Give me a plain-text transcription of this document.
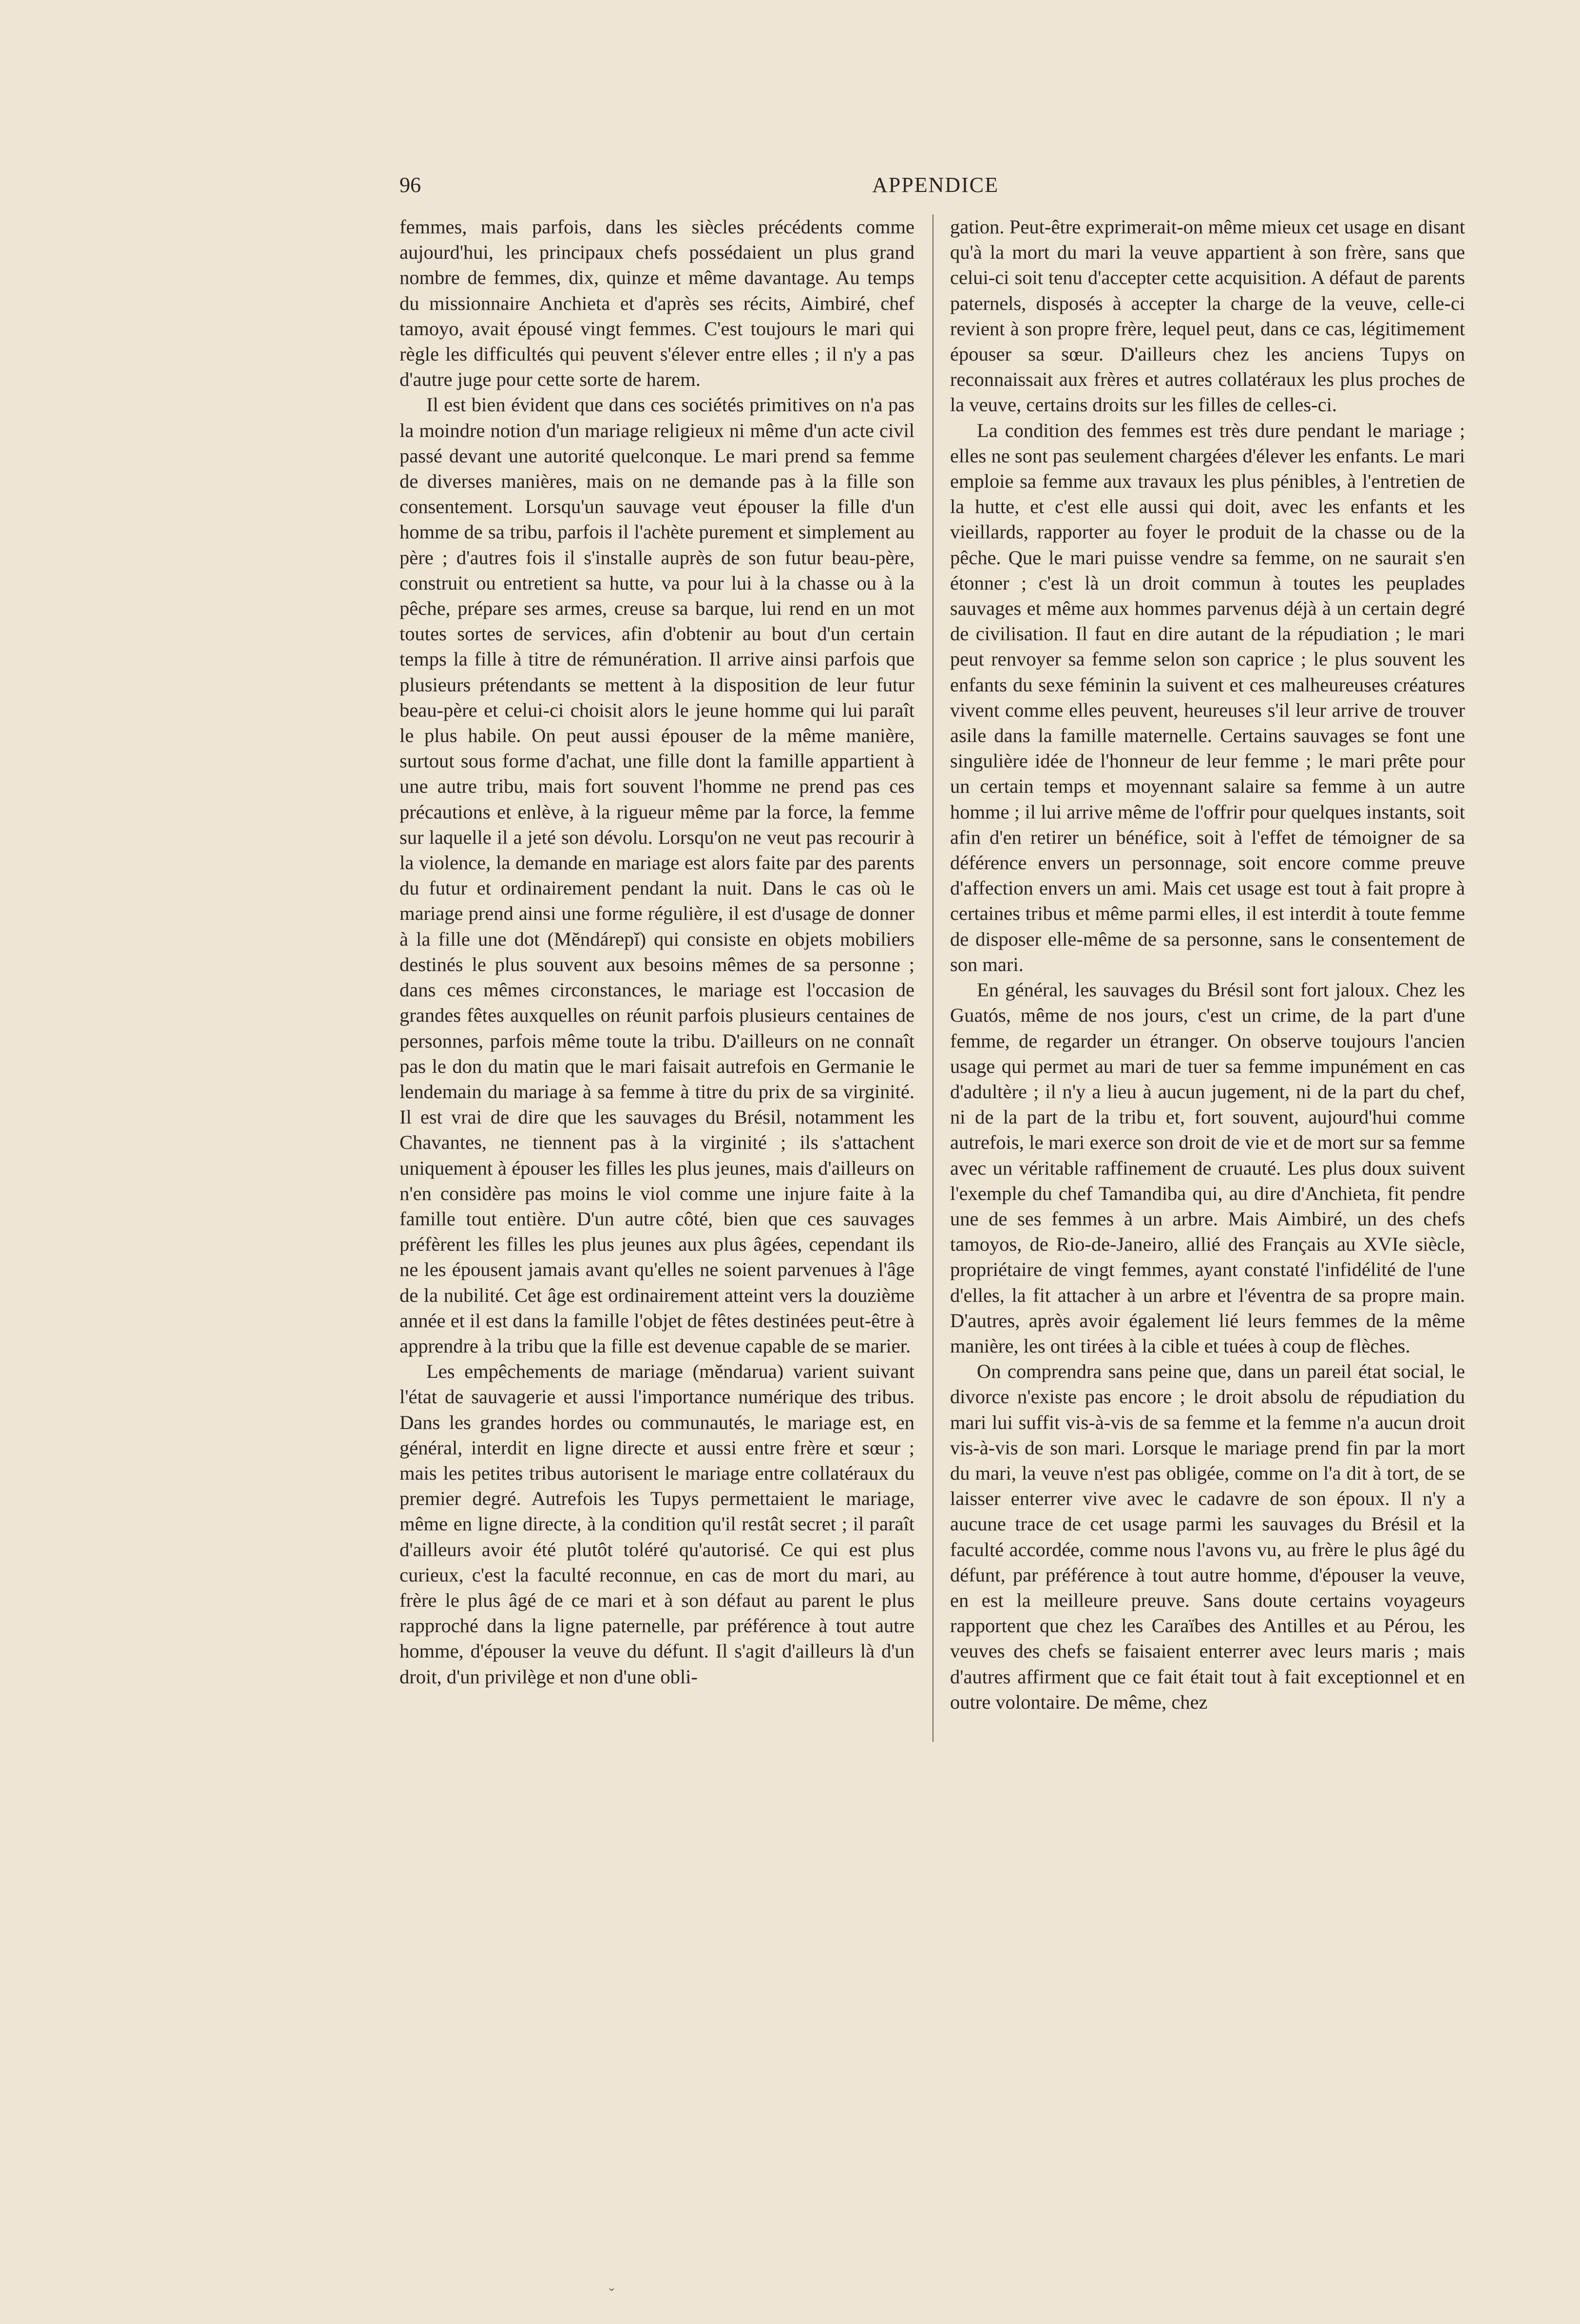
96	APPENDICE

femmes, mais parfois, dans les siècles précédents comme aujourd'hui, les principaux chefs possédaient un plus grand nombre de femmes, dix, quinze et même davantage. Au temps du missionnaire Anchieta et d'après ses récits, Aimbiré, chef tamoyo, avait épousé vingt femmes. C'est toujours le mari qui règle les difficultés qui peuvent s'élever entre elles ; il n'y a pas d'autre juge pour cette sorte de harem.

Il est bien évident que dans ces sociétés primitives on n'a pas la moindre notion d'un mariage religieux ni même d'un acte civil passé devant une autorité quelconque. Le mari prend sa femme de diverses manières, mais on ne demande pas à la fille son consentement. Lorsqu'un sauvage veut épouser la fille d'un homme de sa tribu, parfois il l'achète purement et simplement au père ; d'autres fois il s'installe auprès de son futur beau-père, construit ou entretient sa hutte, va pour lui à la chasse ou à la pêche, prépare ses armes, creuse sa barque, lui rend en un mot toutes sortes de services, afin d'obtenir au bout d'un certain temps la fille à titre de rémunération. Il arrive ainsi parfois que plusieurs prétendants se mettent à la disposition de leur futur beau-père et celui-ci choisit alors le jeune homme qui lui paraît le plus habile. On peut aussi épouser de la même manière, surtout sous forme d'achat, une fille dont la famille appartient à une autre tribu, mais fort souvent l'homme ne prend pas ces précautions et enlève, à la rigueur même par la force, la femme sur laquelle il a jeté son dévolu. Lorsqu'on ne veut pas recourir à la violence, la demande en mariage est alors faite par des parents du futur et ordinairement pendant la nuit. Dans le cas où le mariage prend ainsi une forme régulière, il est d'usage de donner à la fille une dot (Mĕndárepĭ) qui consiste en objets mobiliers destinés le plus souvent aux besoins mêmes de sa personne ; dans ces mêmes circonstances, le mariage est l'occasion de grandes fêtes auxquelles on réunit parfois plusieurs centaines de personnes, parfois même toute la tribu. D'ailleurs on ne connaît pas le don du matin que le mari faisait autrefois en Germanie le lendemain du mariage à sa femme à titre du prix de sa virginité. Il est vrai de dire que les sauvages du Brésil, notamment les Chavantes, ne tiennent pas à la virginité ; ils s'attachent uniquement à épouser les filles les plus jeunes, mais d'ailleurs on n'en considère pas moins le viol comme une injure faite à la famille tout entière. D'un autre côté, bien que ces sauvages préfèrent les filles les plus jeunes aux plus âgées, cependant ils ne les épousent jamais avant qu'elles ne soient parvenues à l'âge de la nubilité. Cet âge est ordinairement atteint vers la douzième année et il est dans la famille l'objet de fêtes destinées peut-être à apprendre à la tribu que la fille est devenue capable de se marier.

Les empêchements de mariage (mĕndarua) varient suivant l'état de sauvagerie et aussi l'importance numérique des tribus. Dans les grandes hordes ou communautés, le mariage est, en général, interdit en ligne directe et aussi entre frère et sœur ; mais les petites tribus autorisent le mariage entre collatéraux du premier degré. Autrefois les Tupys permettaient le mariage, même en ligne directe, à la condition qu'il restât secret ; il paraît d'ailleurs avoir été plutôt toléré qu'autorisé. Ce qui est plus curieux, c'est la faculté reconnue, en cas de mort du mari, au frère le plus âgé de ce mari et à son défaut au parent le plus rapproché dans la ligne paternelle, par préférence à tout autre homme, d'épouser la veuve du défunt. Il s'agit d'ailleurs là d'un droit, d'un privilège et non d'une obli-

gation. Peut-être exprimerait-on même mieux cet usage en disant qu'à la mort du mari la veuve appartient à son frère, sans que celui-ci soit tenu d'accepter cette acquisition. A défaut de parents paternels, disposés à accepter la charge de la veuve, celle-ci revient à son propre frère, lequel peut, dans ce cas, légitimement épouser sa sœur. D'ailleurs chez les anciens Tupys on reconnaissait aux frères et autres collatéraux les plus proches de la veuve, certains droits sur les filles de celles-ci.

La condition des femmes est très dure pendant le mariage ; elles ne sont pas seulement chargées d'élever les enfants. Le mari emploie sa femme aux travaux les plus pénibles, à l'entretien de la hutte, et c'est elle aussi qui doit, avec les enfants et les vieillards, rapporter au foyer le produit de la chasse ou de la pêche. Que le mari puisse vendre sa femme, on ne saurait s'en étonner ; c'est là un droit commun à toutes les peuplades sauvages et même aux hommes parvenus déjà à un certain degré de civilisation. Il faut en dire autant de la répudiation ; le mari peut renvoyer sa femme selon son caprice ; le plus souvent les enfants du sexe féminin la suivent et ces malheureuses créatures vivent comme elles peuvent, heureuses s'il leur arrive de trouver asile dans la famille maternelle. Certains sauvages se font une singulière idée de l'honneur de leur femme ; le mari prête pour un certain temps et moyennant salaire sa femme à un autre homme ; il lui arrive même de l'offrir pour quelques instants, soit afin d'en retirer un bénéfice, soit à l'effet de témoigner de sa déférence envers un personnage, soit encore comme preuve d'affection envers un ami. Mais cet usage est tout à fait propre à certaines tribus et même parmi elles, il est interdit à toute femme de disposer elle-même de sa personne, sans le consentement de son mari.

En général, les sauvages du Brésil sont fort jaloux. Chez les Guatós, même de nos jours, c'est un crime, de la part d'une femme, de regarder un étranger. On observe toujours l'ancien usage qui permet au mari de tuer sa femme impunément en cas d'adultère ; il n'y a lieu à aucun jugement, ni de la part du chef, ni de la part de la tribu et, fort souvent, aujourd'hui comme autrefois, le mari exerce son droit de vie et de mort sur sa femme avec un véritable raffinement de cruauté. Les plus doux suivent l'exemple du chef Tamandiba qui, au dire d'Anchieta, fit pendre une de ses femmes à un arbre. Mais Aimbiré, un des chefs tamoyos, de Rio-de-Janeiro, allié des Français au XVIe siècle, propriétaire de vingt femmes, ayant constaté l'infidélité de l'une d'elles, la fit attacher à un arbre et l'éventra de sa propre main. D'autres, après avoir également lié leurs femmes de la même manière, les ont tirées à la cible et tuées à coup de flèches.

On comprendra sans peine que, dans un pareil état social, le divorce n'existe pas encore ; le droit absolu de répudiation du mari lui suffit vis-à-vis de sa femme et la femme n'a aucun droit vis-à-vis de son mari. Lorsque le mariage prend fin par la mort du mari, la veuve n'est pas obligée, comme on l'a dit à tort, de se laisser enterrer vive avec le cadavre de son époux. Il n'y a aucune trace de cet usage parmi les sauvages du Brésil et la faculté accordée, comme nous l'avons vu, au frère le plus âgé du défunt, par préférence à tout autre homme, d'épouser la veuve, en est la meilleure preuve. Sans doute certains voyageurs rapportent que chez les Caraïbes des Antilles et au Pérou, les veuves des chefs se faisaient enterrer avec leurs maris ; mais d'autres affirment que ce fait était tout à fait exceptionnel et en outre volontaire. De même, chez

ˇ
